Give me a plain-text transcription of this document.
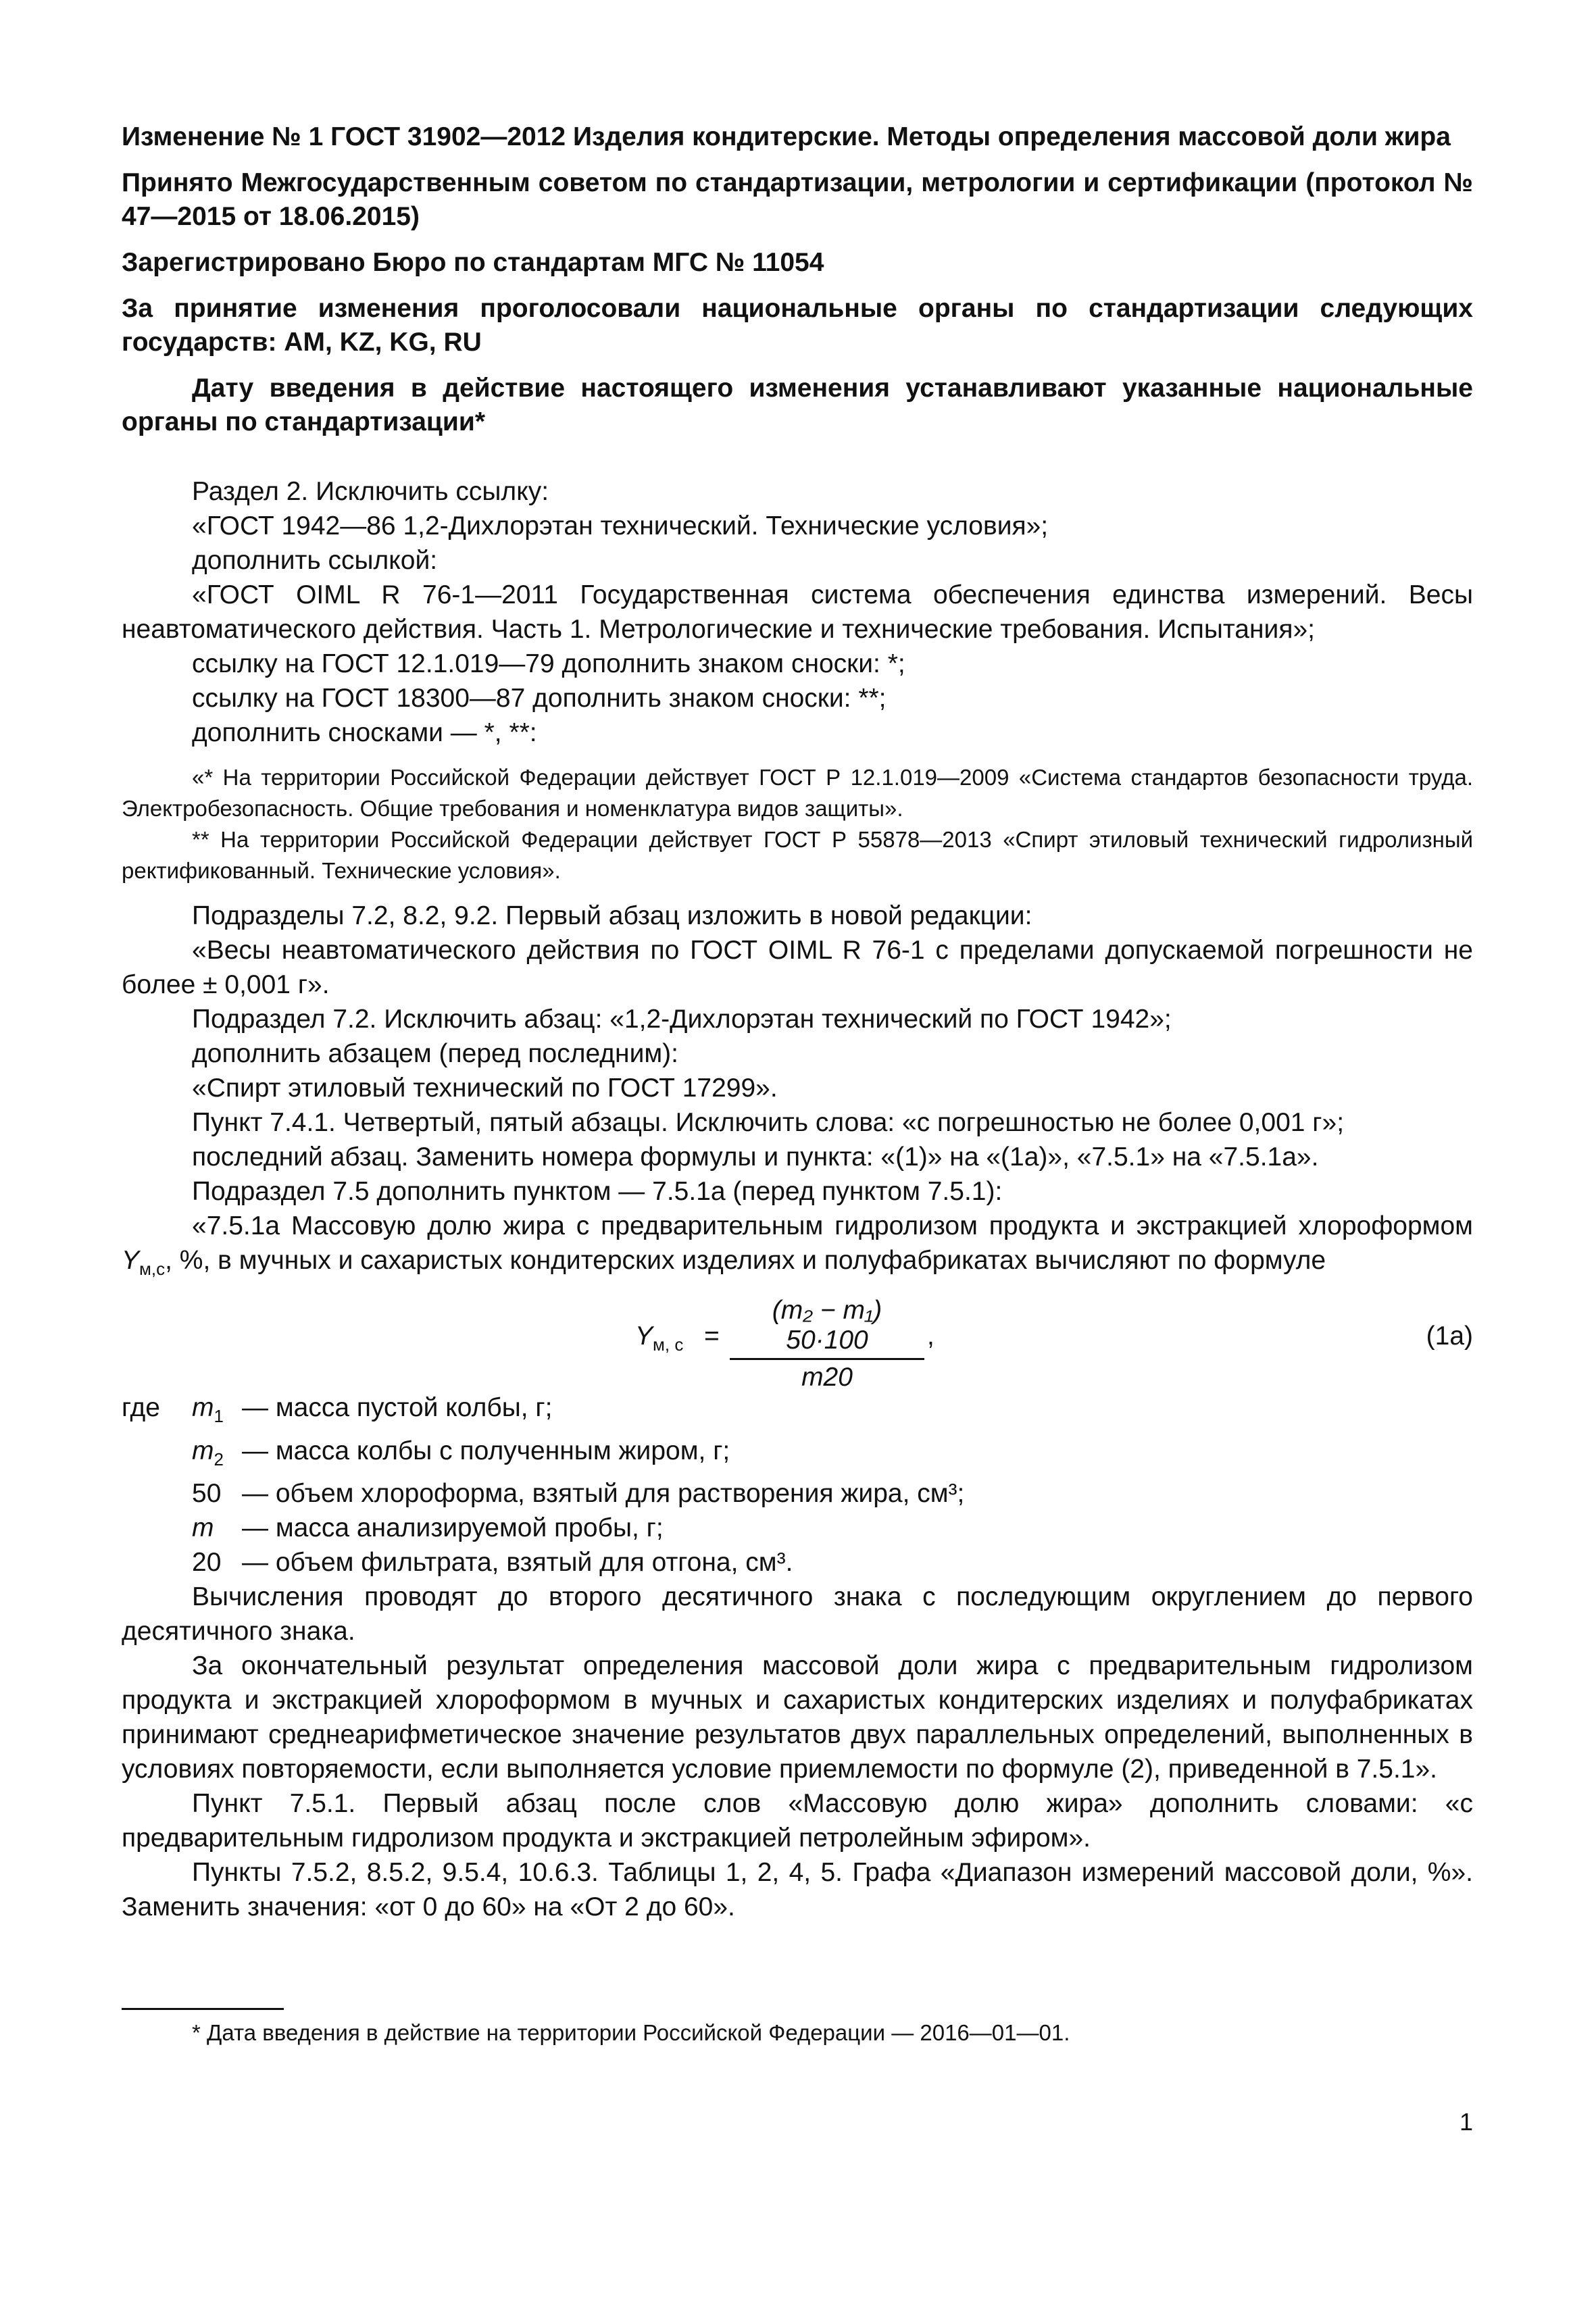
Изменение № 1 ГОСТ 31902—2012 Изделия кондитерские. Методы определения массовой доли жира

Принято Межгосударственным советом по стандартизации, метрологии и сертификации (протокол № 47—2015 от 18.06.2015)

Зарегистрировано Бюро по стандартам МГС № 11054

За принятие изменения проголосовали национальные органы по стандартизации следующих государств: AM, KZ, KG, RU

Дату введения в действие настоящего изменения устанавливают указанные национальные органы по стандартизации*

Раздел 2. Исключить ссылку:

«ГОСТ 1942—86 1,2-Дихлорэтан технический. Технические условия»;

дополнить ссылкой:

«ГОСТ OIML R 76-1—2011 Государственная система обеспечения единства измерений. Весы неавтоматического действия. Часть 1. Метрологические и технические требования. Испытания»;

ссылку на ГОСТ 12.1.019—79 дополнить знаком сноски: *;

ссылку на ГОСТ 18300—87 дополнить знаком сноски: **;

дополнить сносками — *, **:

«* На территории Российской Федерации действует ГОСТ Р 12.1.019—2009 «Система стандартов безопасности труда. Электробезопасность. Общие требования и номенклатура видов защиты».

** На территории Российской Федерации действует ГОСТ Р 55878—2013 «Спирт этиловый технический гидролизный ректификованный. Технические условия».

Подразделы 7.2, 8.2, 9.2. Первый абзац изложить в новой редакции:

«Весы неавтоматического действия по ГОСТ OIML R 76-1 с пределами допускаемой погрешности не более ± 0,001 г».

Подраздел 7.2. Исключить абзац: «1,2-Дихлорэтан технический по ГОСТ 1942»;

дополнить абзацем (перед последним):

«Спирт этиловый технический по ГОСТ 17299».

Пункт 7.4.1. Четвертый, пятый абзацы. Исключить слова: «с погрешностью не более 0,001 г»;

последний абзац. Заменить номера формулы и пункта: «(1)» на «(1а)», «7.5.1» на «7.5.1а».

Подраздел 7.5 дополнить пунктом — 7.5.1а (перед пунктом 7.5.1):

«7.5.1а Массовую долю жира с предварительным гидролизом продукта и экстракцией хлороформом $Y_{м,с}$, %, в мучных и сахаристых кондитерских изделиях и полуфабрикатах вычисляют по формуле

$Y_{м, с} = \frac{\text{(m₂ − m₁) 50·100}}{m20}$ ,	(1а)
где	$m_1$ — масса пустой колбы, г;
$m_2$ — масса колбы с полученным жиром, г;
50 — объем хлороформа, взятый для растворения жира, см³;
m	— масса анализируемой пробы, г;
20 — объем фильтрата, взятый для отгона, см³.

Вычисления проводят до второго десятичного знака с последующим округлением до первого десятичного знака.

За окончательный результат определения массовой доли жира с предварительным гидролизом продукта и экстракцией хлороформом в мучных и сахаристых кондитерских изделиях и полуфабрикатах принимают среднеарифметическое значение результатов двух параллельных определений, выполненных в условиях повторяемости, если выполняется условие приемлемости по формуле (2), приведенной в 7.5.1».

Пункт 7.5.1. Первый абзац после слов «Массовую долю жира» дополнить словами: «с предварительным гидролизом продукта и экстракцией петролейным эфиром».

Пункты 7.5.2, 8.5.2, 9.5.4, 10.6.3. Таблицы 1, 2, 4, 5. Графа «Диапазон измерений массовой доли, %». Заменить значения: «от 0 до 60» на «От 2 до 60».

* Дата введения в действие на территории Российской Федерации — 2016—01—01.
1
